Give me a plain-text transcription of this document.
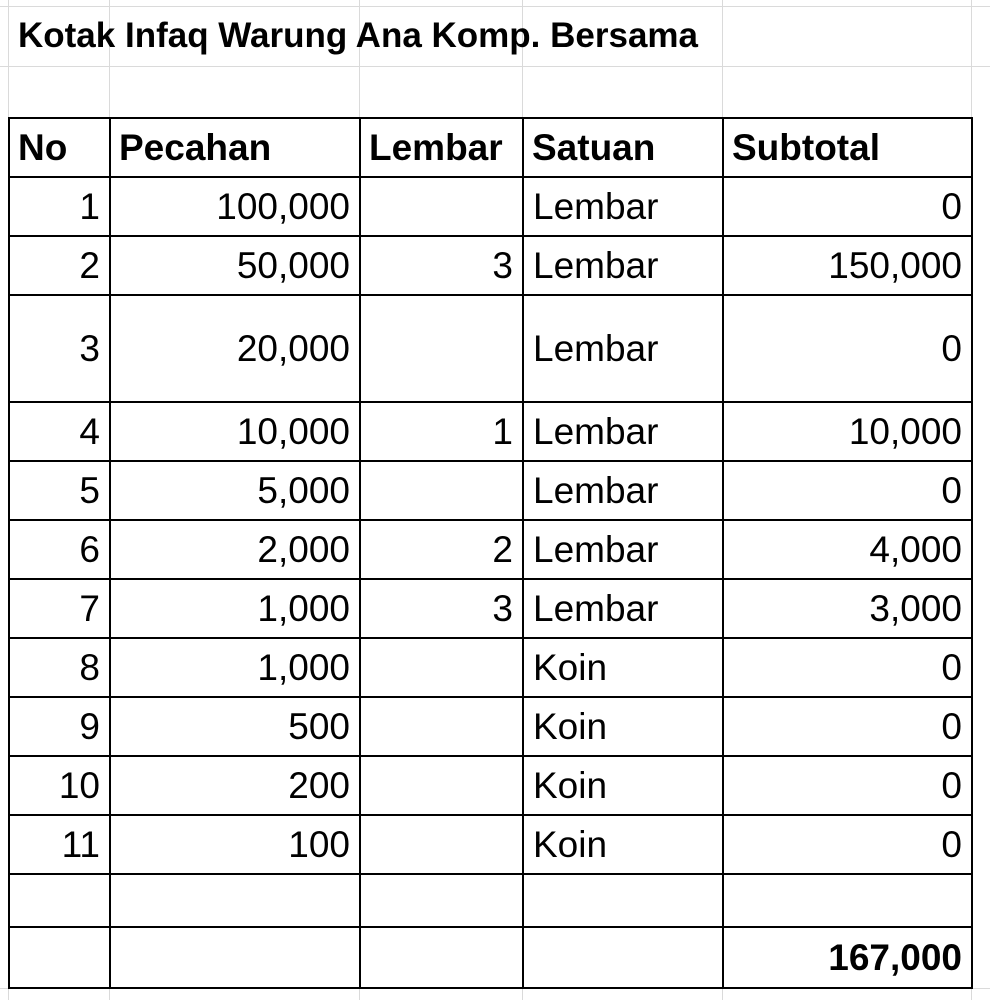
Kotak Infaq Warung Ana Komp. Bersama
No	Pecahan	Lembar	Satuan	Subtotal
1	100,000		Lembar	0
2	50,000	3	Lembar	150,000
3	20,000		Lembar	0
4	10,000	1	Lembar	10,000
5	5,000		Lembar	0
6	2,000	2	Lembar	4,000
7	1,000	3	Lembar	3,000
8	1,000		Koin	0
9	500		Koin	0
10	200		Koin	0
11	100		Koin	0

				167,000
